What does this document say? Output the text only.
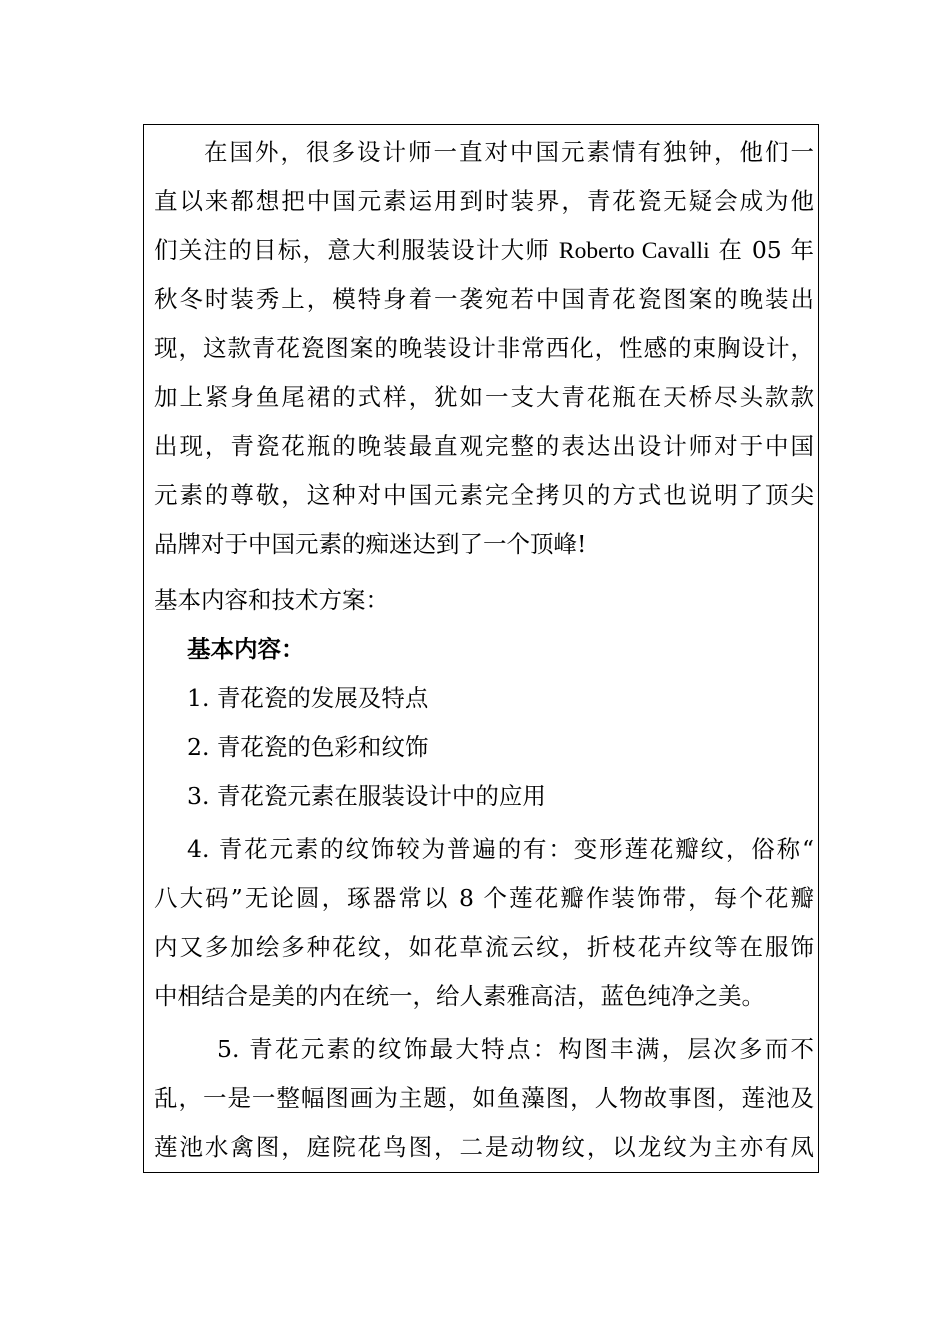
在国外，很多设计师一直对中国元素情有独钟，他们一
直以来都想把中国元素运用到时装界，青花瓷无疑会成为他
们关注的目标，意大利服装设计大师 Roberto Cavalli 在 05 年
秋冬时装秀上，模特身着一袭宛若中国青花瓷图案的晚装出
现，这款青花瓷图案的晚装设计非常西化，性感的束胸设计，
加上紧身鱼尾裙的式样，犹如一支大青花瓶在天桥尽头款款
出现，青瓷花瓶的晚装最直观完整的表达出设计师对于中国
元素的尊敬，这种对中国元素完全拷贝的方式也说明了顶尖
品牌对于中国元素的痴迷达到了一个顶峰!
基本内容和技术方案：
基本内容：
1. 青花瓷的发展及特点
2. 青花瓷的色彩和纹饰
3. 青花瓷元素在服装设计中的应用
4. 青花元素的纹饰较为普遍的有：变形莲花瓣纹，俗称“
八大码”无论圆，琢器常以 8 个莲花瓣作装饰带，每个花瓣
内又多加绘多种花纹，如花草流云纹，折枝花卉纹等在服饰
中相结合是美的内在统一，给人素雅高洁，蓝色纯净之美。
5. 青花元素的纹饰最大特点：构图丰满，层次多而不
乱，一是一整幅图画为主题，如鱼藻图，人物故事图，莲池及
莲池水禽图，庭院花鸟图，二是动物纹，以龙纹为主亦有凤
